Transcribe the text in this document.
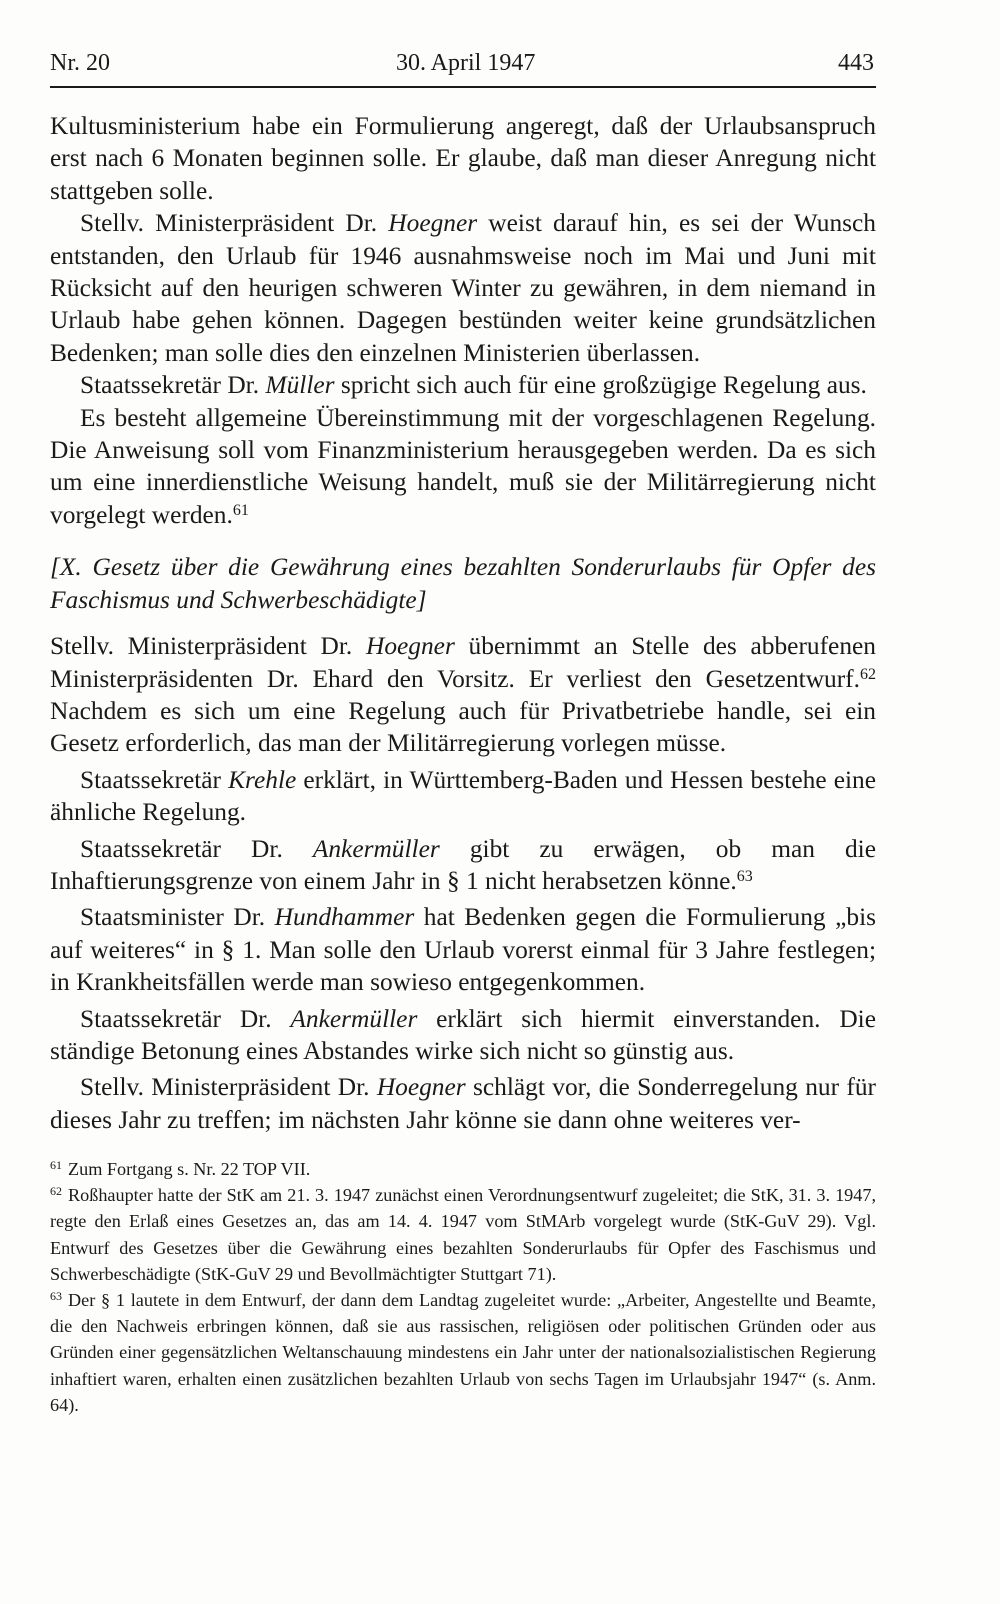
Nr. 20	30. April 1947	443

Kultusministerium habe ein Formulierung angeregt, daß der Urlaubsanspruch erst nach 6 Monaten beginnen solle. Er glaube, daß man dieser Anregung nicht stattgeben solle.

Stellv. Ministerpräsident Dr. Hoegner weist darauf hin, es sei der Wunsch entstanden, den Urlaub für 1946 ausnahmsweise noch im Mai und Juni mit Rücksicht auf den heurigen schweren Winter zu gewähren, in dem niemand in Urlaub habe gehen können. Dagegen bestünden weiter keine grundsätzlichen Bedenken; man solle dies den einzelnen Ministerien überlassen.

Staatssekretär Dr. Müller spricht sich auch für eine großzügige Regelung aus.

Es besteht allgemeine Übereinstimmung mit der vorgeschlagenen Regelung. Die Anweisung soll vom Finanzministerium herausgegeben werden. Da es sich um eine innerdienstliche Weisung handelt, muß sie der Militärregierung nicht vorgelegt werden.$^{61}$

[X. Gesetz über die Gewährung eines bezahlten Sonderurlaubs für Opfer des Faschismus und Schwerbeschädigte]

Stellv. Ministerpräsident Dr. Hoegner übernimmt an Stelle des abberufenen Ministerpräsidenten Dr. Ehard den Vorsitz. Er verliest den Gesetzentwurf.$^{62}$ Nachdem es sich um eine Regelung auch für Privatbetriebe handle, sei ein Gesetz erforderlich, das man der Militärregierung vorlegen müsse.

Staatssekretär Krehle erklärt, in Württemberg-Baden und Hessen bestehe eine ähnliche Regelung.

Staatssekretär Dr. Ankermüller gibt zu erwägen, ob man die Inhaftierungsgrenze von einem Jahr in § 1 nicht herabsetzen könne.$^{63}$

Staatsminister Dr. Hundhammer hat Bedenken gegen die Formulierung „bis auf weiteres“ in § 1. Man solle den Urlaub vorerst einmal für 3 Jahre festlegen; in Krankheitsfällen werde man sowieso entgegenkommen.

Staatssekretär Dr. Ankermüller erklärt sich hiermit einverstanden. Die ständige Betonung eines Abstandes wirke sich nicht so günstig aus.

Stellv. Ministerpräsident Dr. Hoegner schlägt vor, die Sonderregelung nur für dieses Jahr zu treffen; im nächsten Jahr könne sie dann ohne weiteres ver-

$^{61}$ Zum Fortgang s. Nr. 22 TOP VII.

$^{62}$ Roßhaupter hatte der StK am 21. 3. 1947 zunächst einen Verordnungsentwurf zugeleitet; die StK, 31. 3. 1947, regte den Erlaß eines Gesetzes an, das am 14. 4. 1947 vom StMArb vorgelegt wurde (StK-GuV 29). Vgl. Entwurf des Gesetzes über die Gewährung eines bezahlten Sonderurlaubs für Opfer des Faschismus und Schwerbeschädigte (StK-GuV 29 und Bevollmächtigter Stuttgart 71).

$^{63}$ Der § 1 lautete in dem Entwurf, der dann dem Landtag zugeleitet wurde: „Arbeiter, Angestellte und Beamte, die den Nachweis erbringen können, daß sie aus rassischen, religiösen oder politischen Gründen oder aus Gründen einer gegensätzlichen Weltanschauung mindestens ein Jahr unter der nationalsozialistischen Regierung inhaftiert waren, erhalten einen zusätzlichen bezahlten Urlaub von sechs Tagen im Urlaubsjahr 1947“ (s. Anm. 64).
